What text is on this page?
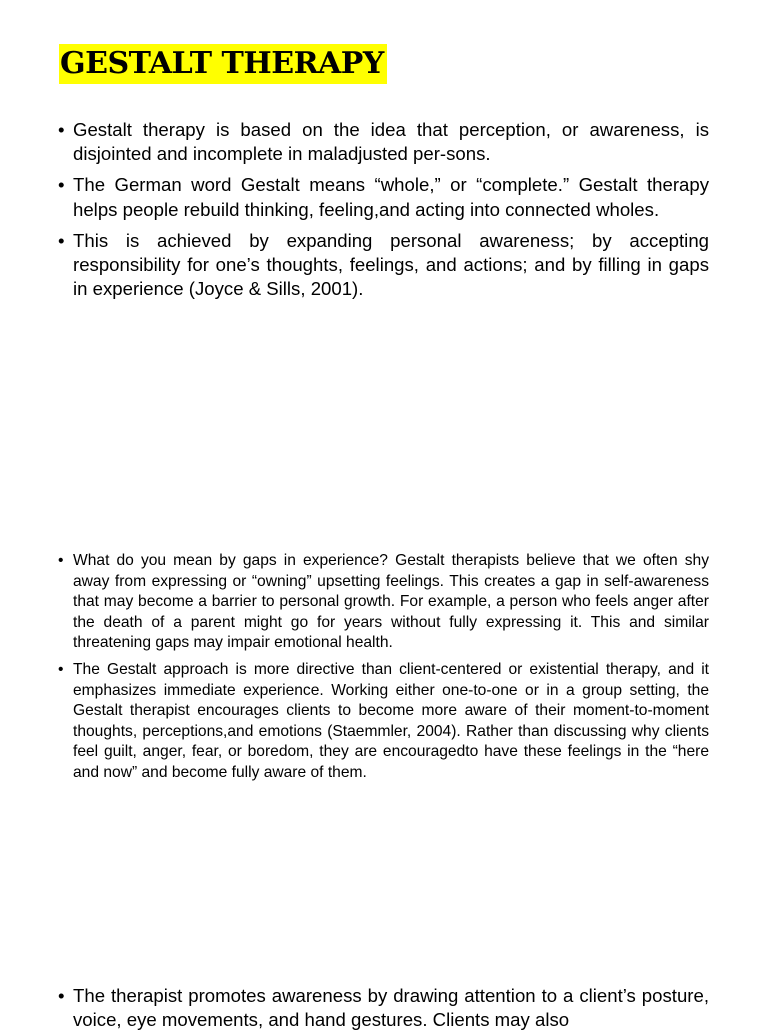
GESTALT THERAPY
• Gestalt therapy is based on the idea that perception, or awareness, is disjointed and incomplete in maladjusted per-sons.
• The German word Gestalt means “whole,” or “complete.” Gestalt therapy helps people rebuild thinking, feeling,and acting into connected wholes.
• This is achieved by expanding personal awareness; by accepting responsibility for one’s thoughts, feelings, and actions; and by filling in gaps in experience (Joyce & Sills, 2001).
• What do you mean by gaps in experience? Gestalt therapists believe that we often shy away from expressing or “owning” upsetting feelings. This creates a gap in self-awareness that may become a barrier to personal growth. For example, a person who feels anger after the death of a parent might go for years without fully expressing it. This and similar threatening gaps may impair emotional health.
• The Gestalt approach is more directive than client-centered or existential therapy, and it emphasizes immediate experience. Working either one-to-one or in a group setting, the Gestalt therapist encourages clients to become more aware of their moment-to-moment thoughts, perceptions,and emotions (Staemmler, 2004). Rather than discussing why clients feel guilt, anger, fear, or boredom, they are encouragedto have these feelings in the “here and now” and become fully aware of them.
• The therapist promotes awareness by drawing attention to a client’s posture, voice, eye movements, and hand gestures. Clients may also
